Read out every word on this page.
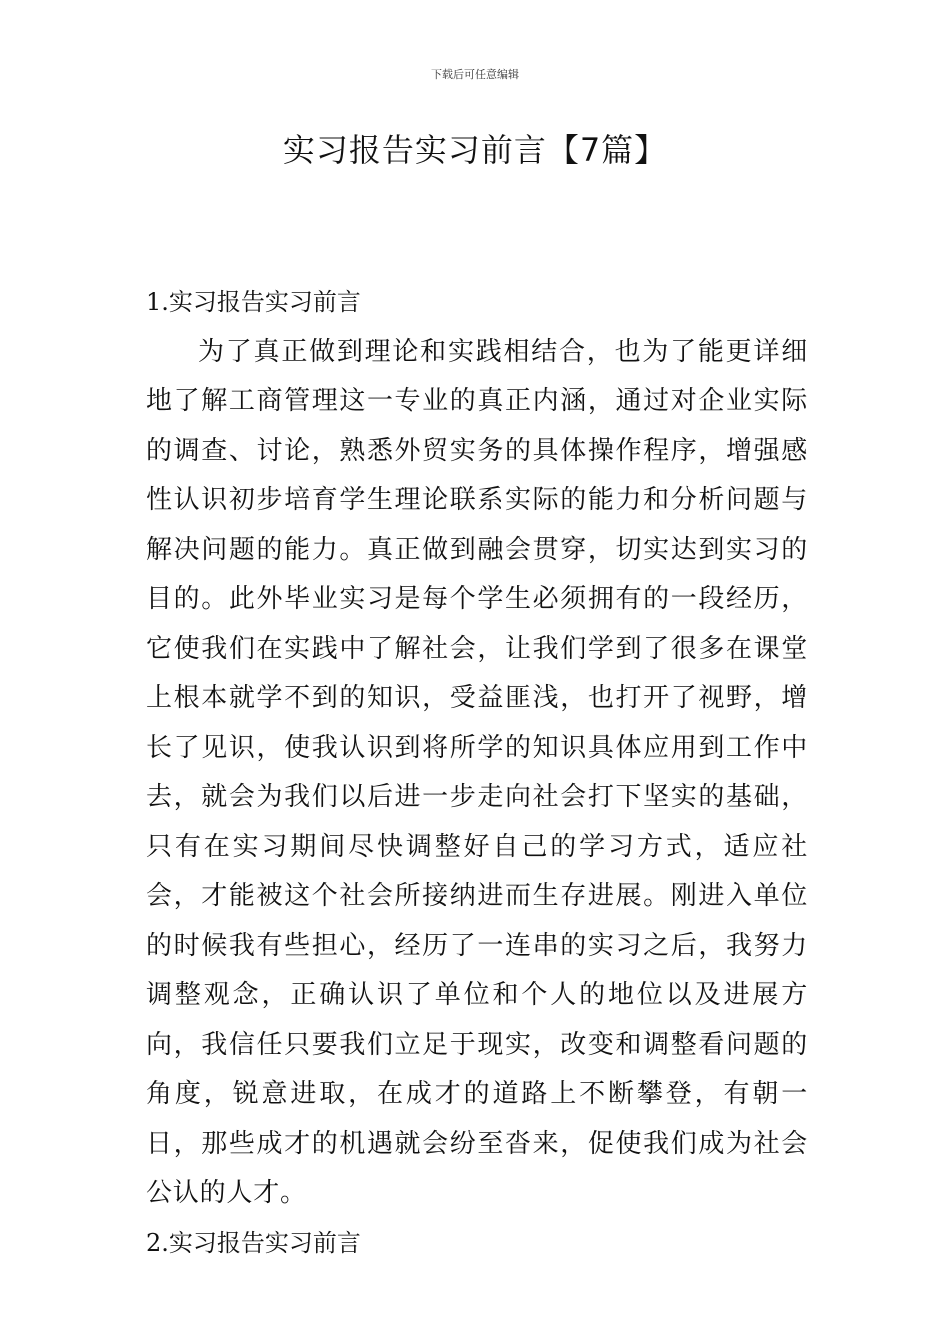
下载后可任意编辑
实习报告实习前言【7篇】
1.实习报告实习前言

为了真正做到理论和实践相结合，也为了能更详细地了解工商管理这一专业的真正内涵，通过对企业实际的调查、讨论，熟悉外贸实务的具体操作程序，增强感性认识初步培育学生理论联系实际的能力和分析问题与解决问题的能力。真正做到融会贯穿，切实达到实习的目的。此外毕业实习是每个学生必须拥有的一段经历，它使我们在实践中了解社会，让我们学到了很多在课堂上根本就学不到的知识，受益匪浅，也打开了视野，增长了见识，使我认识到将所学的知识具体应用到工作中去，就会为我们以后进一步走向社会打下坚实的基础，只有在实习期间尽快调整好自己的学习方式，适应社会，才能被这个社会所接纳进而生存进展。刚进入单位的时候我有些担心，经历了一连串的实习之后，我努力调整观念，正确认识了单位和个人的地位以及进展方向，我信任只要我们立足于现实，改变和调整看问题的角度，锐意进取，在成才的道路上不断攀登，有朝一日，那些成才的机遇就会纷至沓来，促使我们成为社会公认的人才。

2.实习报告实习前言
